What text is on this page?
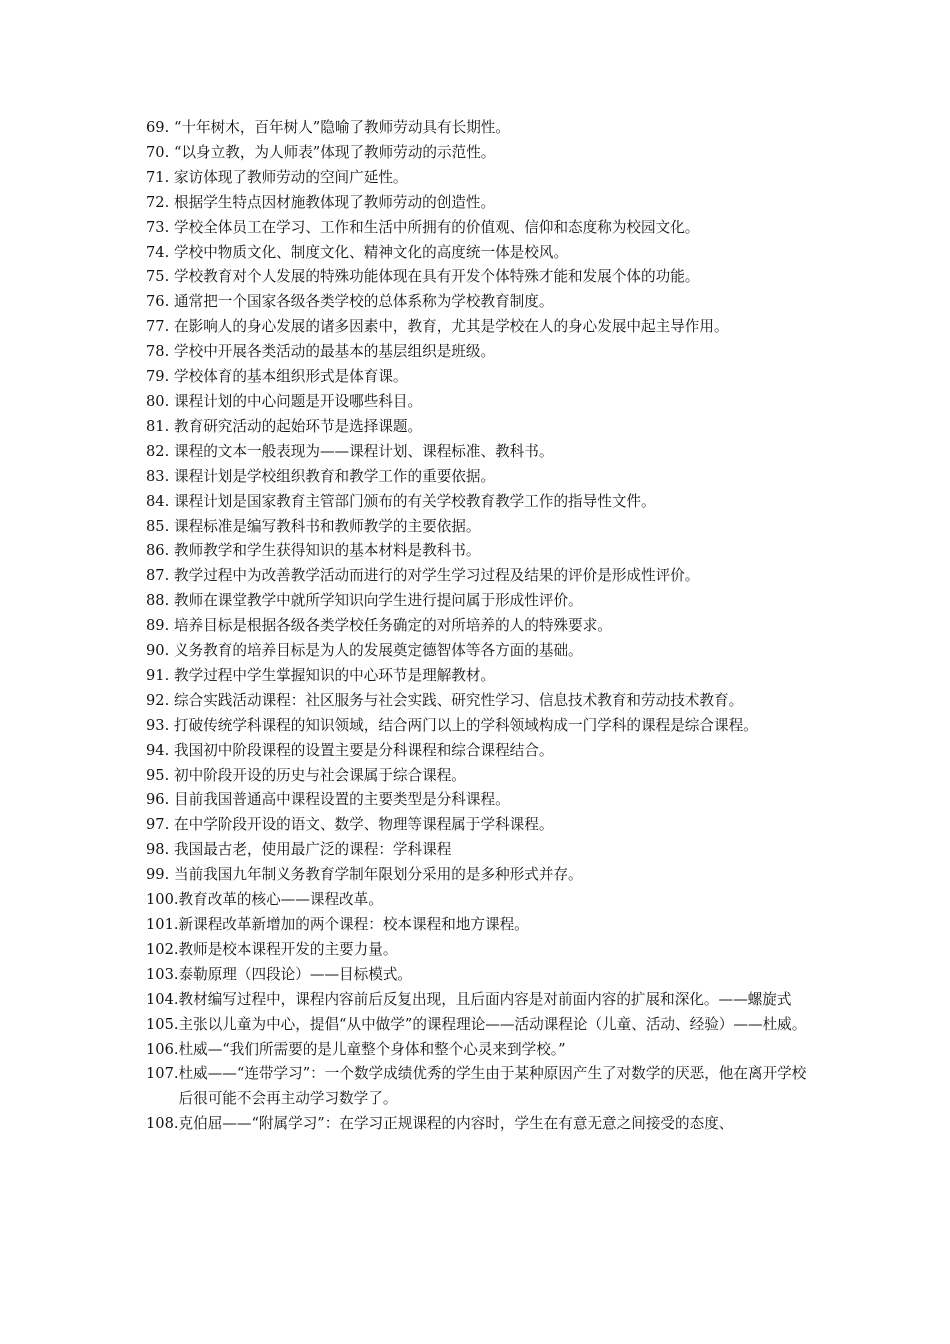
69. “十年树木，百年树人”隐喻了教师劳动具有长期性。
70. “以身立教，为人师表”体现了教师劳动的示范性。
71. 家访体现了教师劳动的空间广延性。
72. 根据学生特点因材施教体现了教师劳动的创造性。
73. 学校全体员工在学习、工作和生活中所拥有的价值观、信仰和态度称为校园文化。
74. 学校中物质文化、制度文化、精神文化的高度统一体是校风。
75. 学校教育对个人发展的特殊功能体现在具有开发个体特殊才能和发展个体的功能。
76. 通常把一个国家各级各类学校的总体系称为学校教育制度。
77. 在影响人的身心发展的诸多因素中，教育，尤其是学校在人的身心发展中起主导作用。
78. 学校中开展各类活动的最基本的基层组织是班级。
79. 学校体育的基本组织形式是体育课。
80. 课程计划的中心问题是开设哪些科目。
81. 教育研究活动的起始环节是选择课题。
82. 课程的文本一般表现为——课程计划、课程标准、教科书。
83. 课程计划是学校组织教育和教学工作的重要依据。
84. 课程计划是国家教育主管部门颁布的有关学校教育教学工作的指导性文件。
85. 课程标准是编写教科书和教师教学的主要依据。
86. 教师教学和学生获得知识的基本材料是教科书。
87. 教学过程中为改善教学活动而进行的对学生学习过程及结果的评价是形成性评价。
88. 教师在课堂教学中就所学知识向学生进行提问属于形成性评价。
89. 培养目标是根据各级各类学校任务确定的对所培养的人的特殊要求。
90. 义务教育的培养目标是为人的发展奠定德智体等各方面的基础。
91. 教学过程中学生掌握知识的中心环节是理解教材。
92. 综合实践活动课程：社区服务与社会实践、研究性学习、信息技术教育和劳动技术教育。
93. 打破传统学科课程的知识领域，结合两门以上的学科领域构成一门学科的课程是综合课程。
94. 我国初中阶段课程的设置主要是分科课程和综合课程结合。
95. 初中阶段开设的历史与社会课属于综合课程。
96. 目前我国普通高中课程设置的主要类型是分科课程。
97. 在中学阶段开设的语文、数学、物理等课程属于学科课程。
98. 我国最古老，使用最广泛的课程：学科课程
99. 当前我国九年制义务教育学制年限划分采用的是多种形式并存。
100. 教育改革的核心——课程改革。
101. 新课程改革新增加的两个课程：校本课程和地方课程。
102. 教师是校本课程开发的主要力量。
103. 泰勒原理（四段论）——目标模式。
104. 教材编写过程中，课程内容前后反复出现，且后面内容是对前面内容的扩展和深化。——螺旋式
105. 主张以儿童为中心，提倡“从中做学”的课程理论——活动课程论（儿童、活动、经验）——杜威。
106. 杜威—“我们所需要的是儿童整个身体和整个心灵来到学校。”
107. 杜威——“连带学习”：一个数学成绩优秀的学生由于某种原因产生了对数学的厌恶，他在离开学校后很可能不会再主动学习数学了。
108. 克伯屈——“附属学习”：在学习正规课程的内容时，学生在有意无意之间接受的态度、
